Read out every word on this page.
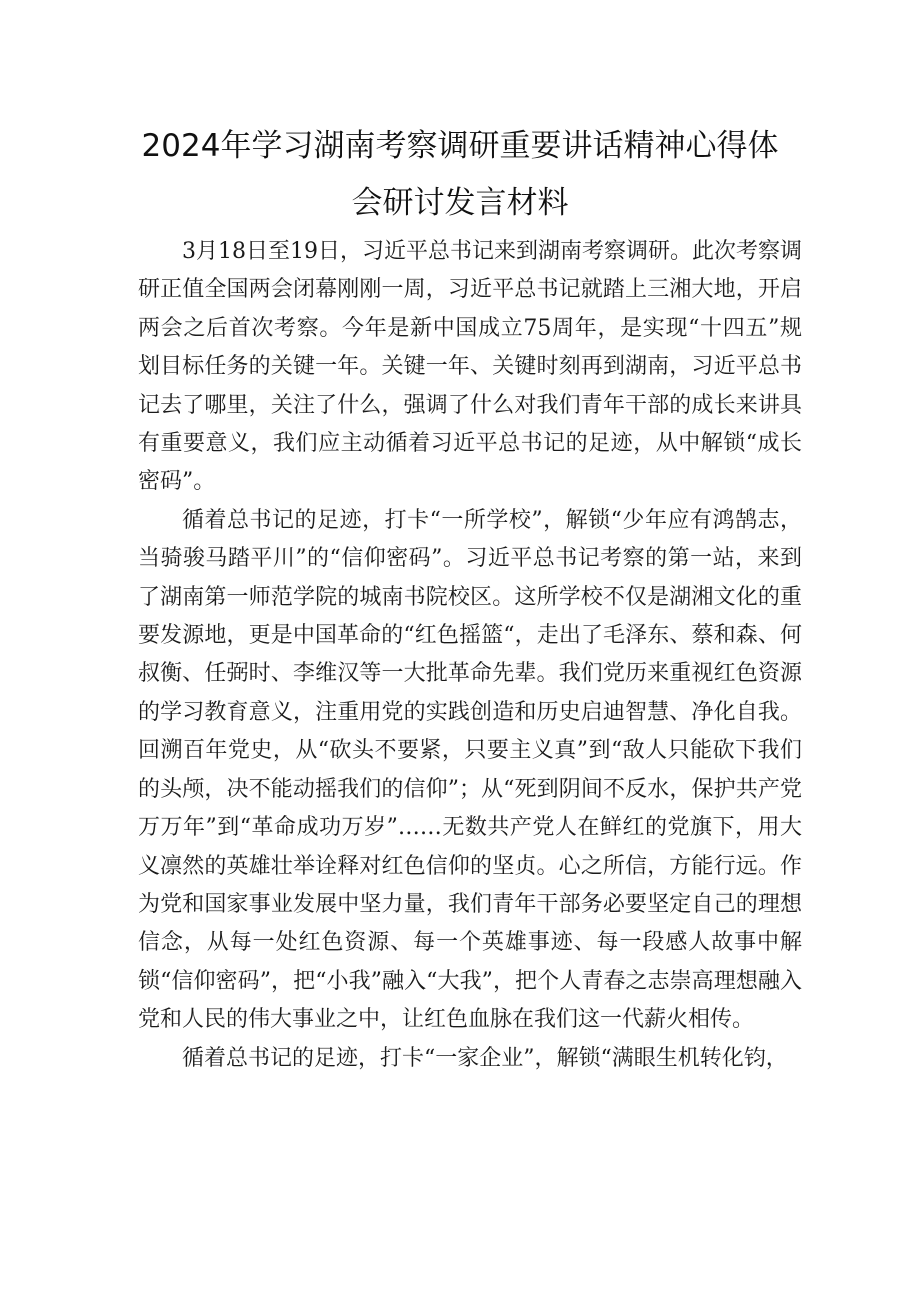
2024年学习湖南考察调研重要讲话精神心得体会研讨发言材料

3月18日至19日，习近平总书记来到湖南考察调研。此次考察调研正值全国两会闭幕刚刚一周，习近平总书记就踏上三湘大地，开启两会之后首次考察。今年是新中国成立75周年，是实现“十四五”规划目标任务的关键一年。关键一年、关键时刻再到湖南，习近平总书记去了哪里，关注了什么，强调了什么对我们青年干部的成长来讲具有重要意义，我们应主动循着习近平总书记的足迹，从中解锁“成长密码”。

循着总书记的足迹，打卡“一所学校”，解锁“少年应有鸿鹄志，当骑骏马踏平川”的“信仰密码”。习近平总书记考察的第一站，来到了湖南第一师范学院的城南书院校区。这所学校不仅是湖湘文化的重要发源地，更是中国革命的“红色摇篮“，走出了毛泽东、蔡和森、何叔衡、任弼时、李维汉等一大批革命先辈。我们党历来重视红色资源的学习教育意义，注重用党的实践创造和历史启迪智慧、净化自我。回溯百年党史，从“砍头不要紧，只要主义真”到“敌人只能砍下我们的头颅，决不能动摇我们的信仰”；从“死到阴间不反水，保护共产党万万年”到“革命成功万岁”……无数共产党人在鲜红的党旗下，用大义凛然的英雄壮举诠释对红色信仰的坚贞。心之所信，方能行远。作为党和国家事业发展中坚力量，我们青年干部务必要坚定自己的理想信念，从每一处红色资源、每一个英雄事迹、每一段感人故事中解锁“信仰密码”，把“小我”融入“大我”，把个人青春之志崇高理想融入党和人民的伟大事业之中，让红色血脉在我们这一代薪火相传。

循着总书记的足迹，打卡“一家企业”，解锁“满眼生机转化钧，
